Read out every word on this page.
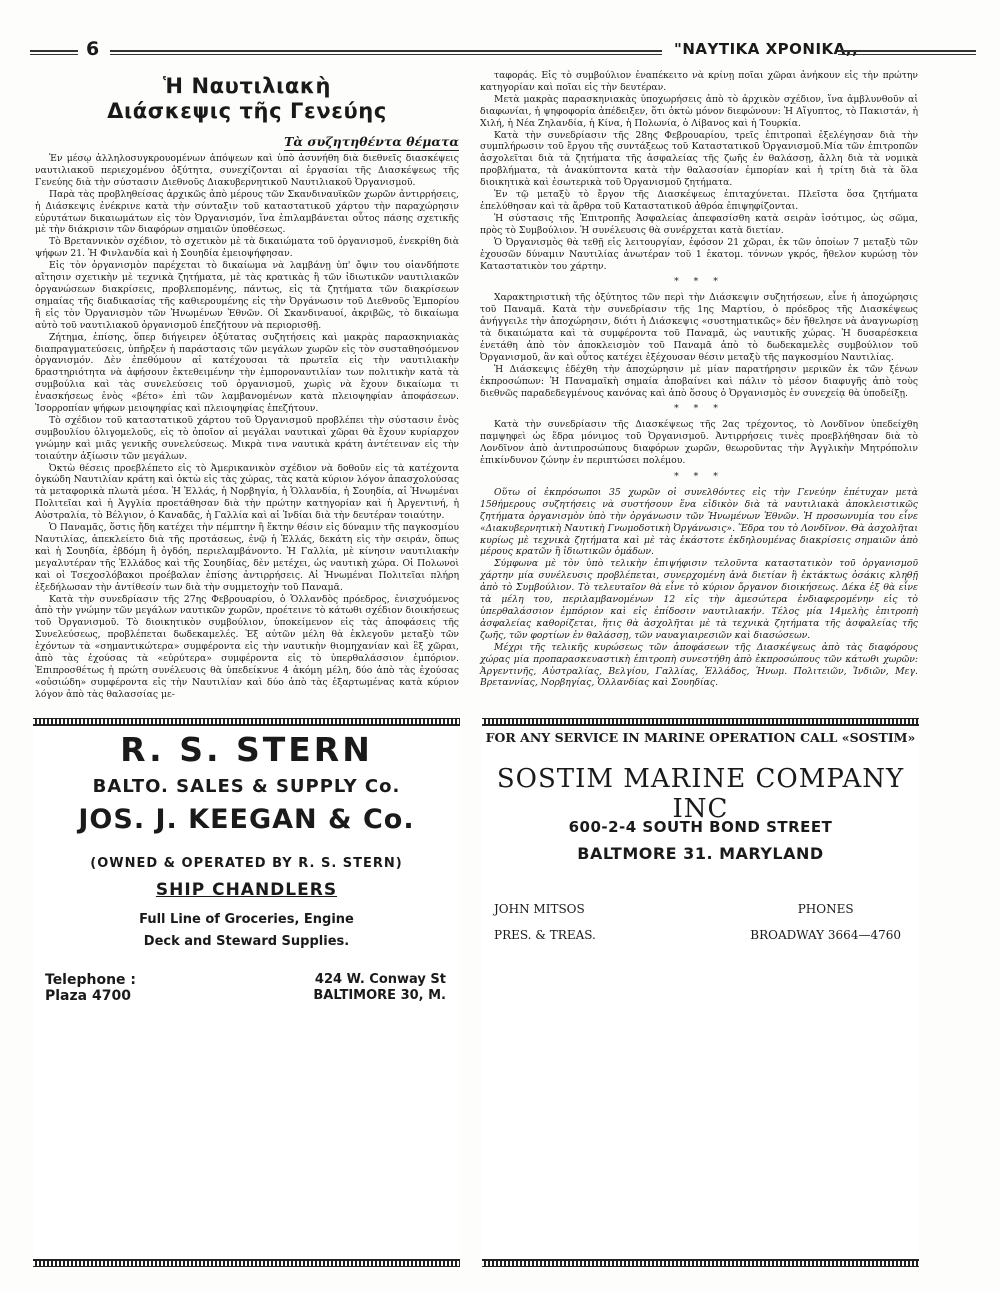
6	"ΝΑΥΤΙΚΑ ΧΡΟΝΙΚΑ,,
Ἡ Ναυτιλιακὴ
Διάσκεψις τῆς Γενεύης
Τὰ συζητηθέντα θέματα

Ἐν μέσῳ ἀλληλοσυγκρουομένων ἀπόψεων καὶ ὑπὸ ἀσυνήθη διὰ διεθνεῖς διασκέψεις ναυτιλιακοῦ περιεχομένου ὀξύτητα, συνεχίζονται αἱ ἐργασίαι τῆς Διασκέψεως τῆς Γενεύης διὰ τὴν σύστασιν Διεθνοῦς Διακυβερνητικοῦ Ναυτιλιακοῦ Ὀργανισμοῦ.

Παρὰ τὰς προβληθείσας ἀρχικῶς ἀπὸ μέρους τῶν Σκανδιναυϊκῶν χωρῶν ἀντιρρήσεις, ἡ Διάσκεψις ἐνέκρινε κατὰ τὴν σύνταξιν τοῦ καταστατικοῦ χάρτου τὴν παραχώρησιν εὐρυτάτων δικαιωμάτων εἰς τὸν Ὀργανισμόν, ἵνα ἐπιλαμβάνεται οὗτος πάσης σχετικῆς μὲ τὴν διάκρισιν τῶν διαφόρων σημαιῶν ὑποθέσεως.

Τὸ Βρεταννικὸν σχέδιον, τὸ σχετικὸν μὲ τὰ δικαιώματα τοῦ ὀργανισμοῦ, ἐνεκρίθη διὰ ψήφων 21. Ἡ Φινλανδία καὶ ἡ Σουηδία ἐμειοψήφησαν.

Εἰς τὸν ὀργανισμὸν παρέχεται τὸ δικαίωμα νὰ λαμβάνῃ ὑπ' ὄψιν του οἱανδήποτε αἴτησιν σχετικὴν μὲ τεχνικὰ ζητήματα, μὲ τὰς κρατικὰς ἢ τῶν ἰδιωτικῶν ναυτιλιακῶν ὀργανώσεων διακρίσεις, προβλεπομένης, πάντως, εἰς τὰ ζητήματα τῶν διακρίσεων σημαίας τῆς διαδικασίας τῆς καθιερουμένης εἰς τὴν Ὀργάνωσιν τοῦ Διεθνοῦς Ἐμπορίου ἢ εἰς τὸν Ὀργανισμὸν τῶν Ἡνωμένων Ἐθνῶν. Οἱ Σκανδιναυοί, ἀκριβῶς, τὸ δικαίωμα αὐτὸ τοῦ ναυτιλιακοῦ ὀργανισμοῦ ἐπεζήτουν νὰ περιορισθῇ.

Ζήτημα, ἐπίσης, ὅπερ διήγειρεν ὀξύτατας συζητήσεις καὶ μακρὰς παρασκηνιακὰς διαπραγματεύσεις, ὑπῆρξεν ἡ παράστασις τῶν μεγάλων χωρῶν εἰς τὸν συσταθησόμενον ὀργανισμόν. Δὲν ἐπεθύμουν αἱ κατέχουσαι τὰ πρωτεῖα εἰς τὴν ναυτιλιακὴν δραστηριότητα νὰ ἀφήσουν ἐκτεθειμένην τὴν ἐμποροναυτιλίαν των πολιτικὴν κατὰ τὰ συμβούλια καὶ τὰς συνελεύσεις τοῦ ὀργανισμοῦ, χωρὶς νὰ ἔχουν δικαίωμα τι ἐνασκήσεως ἑνὸς «βέτο» ἐπὶ τῶν λαμβανομένων κατὰ πλειοψηφίαν ἀποφάσεων. Ἰσορροπίαν ψήφων μειοψηφίας καὶ πλειοψηφίας ἐπεζήτουν.

Τὸ σχέδιον τοῦ καταστατικοῦ χάρτου τοῦ Ὀργανισμοῦ προβλέπει τὴν σύστασιν ἑνὸς συμβουλίου ὀλιγομελοῦς, εἰς τὸ ὁποῖον αἱ μεγάλαι ναυτικαὶ χῶραι θὰ ἔχουν κυρίαρχον γνώμην καὶ μιᾶς γενικῆς συνελεύσεως. Μικρὰ τινα ναυτικὰ κράτη ἀντέτειναν εἰς τὴν τοιαύτην ἀξίωσιν τῶν μεγάλων.

Ὀκτὼ θέσεις προεβλέπετο εἰς τὸ Ἀμερικανικὸν σχέδιον νὰ δοθοῦν εἰς τὰ κατέχοντα ὀγκώδη Ναυτιλίαν κράτη καὶ ὀκτὼ εἰς τὰς χώρας, τὰς κατὰ κύριον λόγον ἀπασχολούσας τὰ μεταφορικὰ πλωτὰ μέσα. Ἡ Ἑλλάς, ἡ Νορβηγία, ἡ Ὁλλανδία, ἡ Σουηδία, αἱ Ἡνωμέναι Πολιτεῖαι καὶ ἡ Ἀγγλία προετάθησαν διὰ τὴν πρώτην κατηγορίαν καὶ ἡ Ἀργεντινή, ἡ Αὐστραλία, τὸ Βέλγιον, ὁ Καναδᾶς, ἡ Γαλλία καὶ αἱ Ἰνδίαι διὰ τὴν δευτέραν τοιαύτην.

Ὁ Παναμᾶς, ὅστις ἤδη κατέχει τὴν πέμπτην ἢ ἕκτην θέσιν εἰς δύναμιν τῆς παγκοσμίου Ναυτιλίας, ἀπεκλείετο διὰ τῆς προτάσεως, ἐνῷ ἡ Ἑλλάς, δεκάτη εἰς τὴν σειράν, ὅπως καὶ ἡ Σουηδία, ἑβδόμη ἢ ὀγδόη, περιελαμβάνοντο. Ἡ Γαλλία, μὲ κίνησιν ναυτιλιακὴν μεγαλυτέραν τῆς Ἑλλάδος καὶ τῆς Σουηδίας, δὲν μετέχει, ὡς ναυτικὴ χώρα. Οἱ Πολωνοὶ καὶ οἱ Τσεχοσλόβακοι προέβαλαν ἐπίσης ἀντιρρήσεις. Αἱ Ἡνωμέναι Πολιτεῖαι πλήρη ἐξεδήλωσαν τὴν ἀντίθεσίν των διὰ τὴν συμμετοχὴν τοῦ Παναμᾶ.

Κατὰ τὴν συνεδρίασιν τῆς 27ης Φεβρουαρίου, ὁ Ὁλλανδὸς πρόεδρος, ἐνισχυόμενος ἀπὸ τὴν γνώμην τῶν μεγάλων ναυτικῶν χωρῶν, προέτεινε τὸ κάτωθι σχέδιον διοικήσεως τοῦ Ὀργανισμοῦ. Τὸ διοικητικὸν συμβούλιον, ὑποκείμενον εἰς τὰς ἀποφάσεις τῆς Συνελεύσεως, προβλέπεται δωδεκαμελές. Ἐξ αὐτῶν μέλη θὰ ἐκλεγοῦν μεταξὺ τῶν ἐχόντων τὰ «σημαντικώτερα» συμφέροντα εἰς τὴν ναυτικὴν θιομηχανίαν καὶ ἓξ χῶραι, ἀπὸ τὰς ἐχούσας τὰ «εὐρύτερα» συμφέροντα εἰς τὸ ὑπερθαλάσσιον ἐμπόριον. Ἐπιπροσθέτως ἡ πρώτη συνέλευσις θὰ ὑπεδείκνυε 4 ἀκόμη μέλη, δύο ἀπὸ τὰς ἐχούσας «οὐσιώδη» συμφέροντα εἰς τὴν Ναυτιλίαν καὶ δύο ἀπὸ τὰς ἐξαρτωμένας κατὰ κύριον λόγον ἀπὸ τὰς θαλασσίας με-

ταφοράς. Εἰς τὸ συμβούλιον ἐναπέκειτο νὰ κρίνῃ ποῖαι χῶραι ἀνήκουν εἰς τὴν πρώτην κατηγορίαν καὶ ποῖαι εἰς τὴν δευτέραν.

Μετὰ μακρὰς παρασκηνιακὰς ὑποχωρήσεις ἀπὸ τὸ ἀρχικὸν σχέδιον, ἵνα ἀμβλυνθοῦν αἱ διαφωνίαι, ἡ ψηφοφορία ἀπέδειξεν, ὅτι ὀκτὼ μόνον διεφώνουν: Ἡ Αἴγυπτος, τὸ Πακιστάν, ἡ Χιλή, ἡ Νέα Ζηλανδία, ἡ Κίνα, ἡ Πολωνία, ὁ Λίβανος καὶ ἡ Τουρκία.

Κατὰ τὴν συνεδρίασιν τῆς 28ης Φεβρουαρίου, τρεῖς ἐπιτροπαὶ ἐξελέγησαν διὰ τὴν συμπλήρωσιν τοῦ ἔργου τῆς συντάξεως τοῦ Καταστατικοῦ Ὀργανισμοῦ.Μία τῶν ἐπιτροπῶν ἀσχολεῖται διὰ τὰ ζητήματα τῆς ἀσφαλείας τῆς ζωῆς ἐν θαλάσσῃ, ἄλλη διὰ τὰ νομικὰ προβλήματα, τὰ ἀνακύπτοντα κατὰ τὴν θαλασσίαν ἐμπορίαν καὶ ἡ τρίτη διὰ τὰ ὅλα διοικητικὰ καὶ ἐσωτερικὰ τοῦ Ὀργανισμοῦ ζητήματα.

Ἐν τῷ μεταξὺ τὸ ἔργον τῆς Διασκέψεως ἐπιταχύνεται. Πλεῖστα ὅσα ζητήματα ἐπελύθησαν καὶ τὰ ἄρθρα τοῦ Καταστατικοῦ ἀθρόα ἐπιψηφίζονται.

Ἡ σύστασις τῆς Ἐπιτροπῆς Ἀσφαλείας ἀπεφασίσθη κατὰ σειρὰν ἰσότιμος, ὡς σῶμα, πρὸς τὸ Συμβούλιον. Ἡ συνέλευσις θὰ συνέρχεται κατὰ διετίαν.

Ὁ Ὀργανισμὸς θὰ τεθῇ εἰς λειτουργίαν, ἐφόσον 21 χῶραι, ἐκ τῶν ὁποίων 7 μεταξὺ τῶν ἐχουσῶν δύναμιν Ναυτιλίας ἀνωτέραν τοῦ 1 ἑκατομ. τόννων γκρός, ἤθελον κυρώσῃ τὸν Καταστατικὸν του χάρτην.

* * *

Χαρακτηριστικὴ τῆς ὀξύτητος τῶν περὶ τὴν Διάσκεψιν συζητήσεων, εἶνε ἡ ἀποχώρησις τοῦ Παναμᾶ. Κατὰ τὴν συνεδρίασιν τῆς 1ης Μαρτίου, ὁ πρόεδρος τῆς Διασκέψεως ἀνήγγειλε τὴν ἀποχώρησιν, διότι ἡ Διάσκεψις «συστηματικῶς» δὲν ἤθελησε νὰ ἀναγνωρίσῃ τὰ δικαιώματα καὶ τὰ συμφέροντα τοῦ Παναμᾶ, ὡς ναυτικῆς χώρας. Ἡ δυσαρέσκεια ἐνετάθη ἀπὸ τὸν ἀποκλεισμὸν τοῦ Παναμᾶ ἀπὸ τὸ δωδεκαμελὲς συμβούλιον τοῦ Ὀργανισμοῦ, ἂν καὶ οὗτος κατέχει ἐξέχουσαν θέσιν μεταξὺ τῆς παγκοσμίου Ναυτιλίας.

Ἡ Διάσκεψις ἐδέχθη τὴν ἀποχώρησιν μὲ μίαν παρατήρησιν μερικῶν ἐκ τῶν ξένων ἐκπροσώπων: Ἡ Παναμαϊκὴ σημαία ἀποβαίνει καὶ πάλιν τὸ μέσον διαφυγῆς ἀπὸ τοὺς διεθνῶς παραδεδεγμένους κανόνας καὶ ἀπὸ ὅσους ὁ Ὀργανισμὸς ἐν συνεχείᾳ θὰ ὑποδείξῃ.

* * *

Κατὰ τὴν συνεδρίασιν τῆς Διασκέψεως τῆς 2ας τρέχοντος, τὸ Λονδῖνον ὑπεδείχθη παμψηφεὶ ὡς ἕδρα μόνιμος τοῦ Ὀργανισμοῦ. Ἀντιρρήσεις τινὲς προεβλήθησαν διὰ τὸ Λονδῖνον ἀπὸ ἀντιπροσώπους διαφόρων χωρῶν, θεωροῦντας τὴν Ἀγγλικὴν Μητρόπολιν ἐπικίνδυνον ζώνην ἐν περιπτώσει πολέμου.

* * *

Οὕτω οἱ ἐκπρόσωποι 35 χωρῶν οἱ συνελθόντες εἰς τὴν Γενεύην ἐπέτυχαν μετὰ 15θήμερους συζητήσεις νὰ συστήσουν ἕνα εἰδικὸν διὰ τὰ ναυτιλιακὰ ἀποκλειστικῶς ζητήματα ὀργανισμὸν ὑπὸ τὴν ὀργάνωσιν τῶν Ἡνωμένων Ἐθνῶν. Ἡ προσωνυμία του εἶνε «Διακυβερνητικὴ Ναυτικὴ Γνωμοδοτικὴ Ὀργάνωσις». Ἕδρα του τὸ Λονδῖνον. Θὰ ἀσχολῆται κυρίως μὲ τεχνικὰ ζητήματα καὶ μὲ τὰς ἑκάστοτε ἐκδηλουμένας διακρίσεις σημαιῶν ἀπὸ μέρους κρατῶν ἢ ἰδιωτικῶν ὁμάδων.

Σύμφωνα μὲ τὸν ὑπὸ τελικὴν ἐπιψήφισιν τελοῦντα καταστατικὸν τοῦ ὀργανισμοῦ χάρτην μία συνέλευσις προβλέπεται, συνερχομένη ἀνὰ διετίαν ἢ ἐκτάκτως ὁσάκις κληθῇ ἀπὸ τὸ Συμβούλιον. Τὸ τελευταῖον θὰ εἶνε τὸ κύριον ὄργανον διοικήσεως. Δέκα ἐξ θὰ εἶνε τὰ μέλη του, περιλαμβανομένων 12 εἰς τὴν ἀμεσώτερα ἐνδιαφερομένην εἰς τὸ ὑπερθαλάσσιον ἐμπόριον καὶ εἰς ἐπίδοσιν ναυτιλιακήν. Τέλος μία 14μελὴς ἐπιτροπὴ ἀσφαλείας καθορίζεται, ἥτις θὰ ἀσχολῆται μὲ τὰ τεχνικὰ ζητήματα τῆς ἀσφαλείας τῆς ζωῆς, τῶν φορτίων ἐν θαλάσσῃ, τῶν ναυαγιαιρεσιῶν καὶ διασώσεων.

Μέχρι τῆς τελικῆς κυρώσεως τῶν ἀποφάσεων τῆς Διασκέψεως ἀπὸ τὰς διαφόρους χώρας μία προπαρασκευαστικὴ ἐπιτροπὴ συνεστήθη ἀπὸ ἐκπροσώπους τῶν κάτωθι χωρῶν: Ἀργεντινῆς, Αὐστραλίας, Βελγίου, Γαλλίας, Ἑλλάδος, Ἡνωμ. Πολιτειῶν, Ἰνδιῶν, Μεγ. Βρεταννίας, Νορβηγίας, Ὁλλανδίας καὶ Σουηδίας.

R. S. STERN
BALTO. SALES & SUPPLY Co.
JOS. J. KEEGAN & Co.
(OWNED & OPERATED BY R. S. STERN)
SHIP CHANDLERS
Full Line of Groceries, Engine
Deck and Steward Supplies.
Telephone :
Plaza 4700
424 W. Conway St
BALTIMORE 30, M.
FOR ANY SERVICE IN MARINE OPERATION CALL «SOSTIM»
SOSTIM MARINE COMPANY INC
600-2-4 SOUTH BOND STREET
BALTMORE 31. MARYLAND
JOHN MITSOS
PRES. & TREAS.
PHONES
BROADWAY 3664—4760
